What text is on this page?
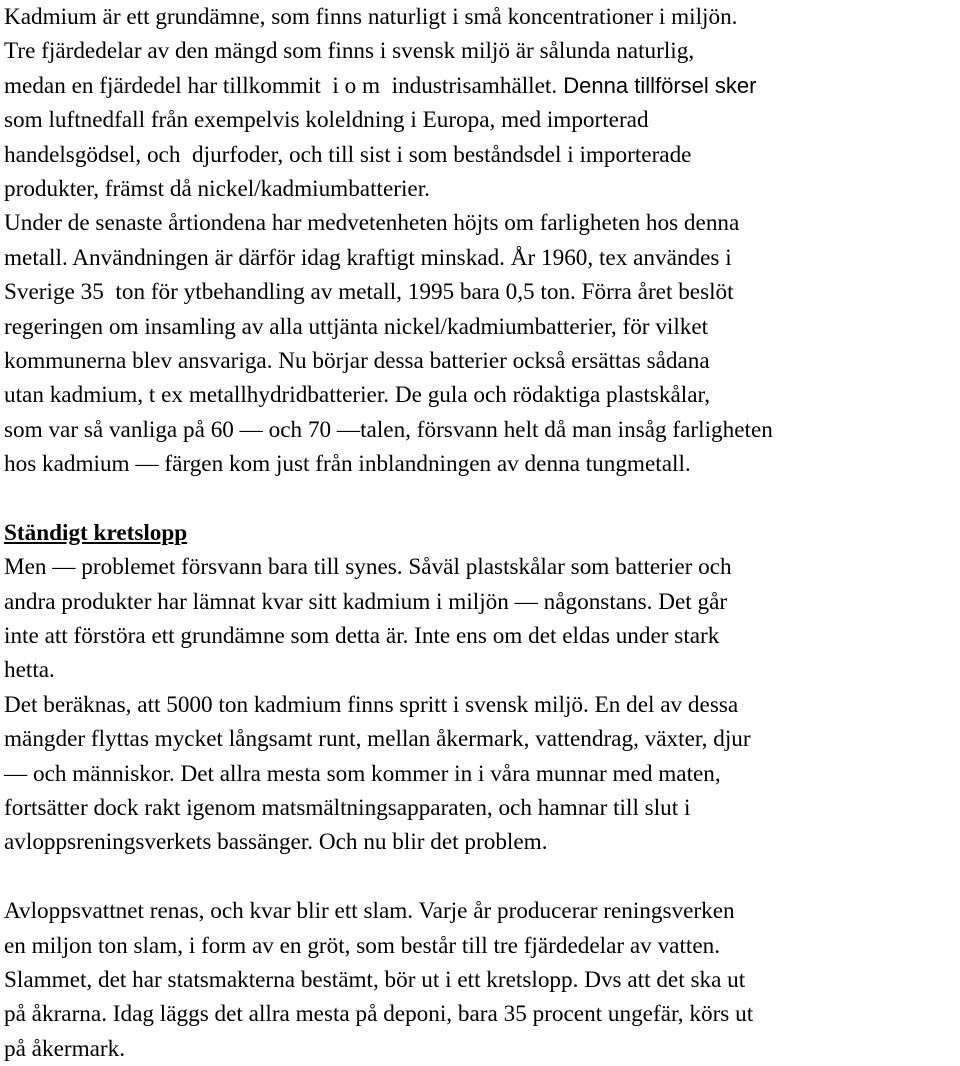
Kadmium är ett grundämne, som finns naturligt i små koncentrationer i miljön.
Tre fjärdedelar av den mängd som finns i svensk miljö är sålunda naturlig,
medan en fjärdedel har tillkommit  i o m  industrisamhället. Denna tillförsel sker
som luftnedfall från exempelvis koleldning i Europa, med importerad
handelsgödsel, och  djurfoder, och till sist i som beståndsdel i importerade
produkter, främst då nickel/kadmiumbatterier.
Under de senaste årtiondena har medvetenheten höjts om farligheten hos denna
metall. Användningen är därför idag kraftigt minskad. År 1960, tex användes i
Sverige 35  ton för ytbehandling av metall, 1995 bara 0,5 ton. Förra året beslöt
regeringen om insamling av alla uttjänta nickel/kadmiumbatterier, för vilket
kommunerna blev ansvariga. Nu börjar dessa batterier också ersättas sådana
utan kadmium, t ex metallhydridbatterier. De gula och rödaktiga plastskålar,
som var så vanliga på 60 — och 70 —talen, försvann helt då man insåg farligheten
hos kadmium — färgen kom just från inblandningen av denna tungmetall.
Ständigt kretslopp
Men — problemet försvann bara till synes. Såväl plastskålar som batterier och
andra produkter har lämnat kvar sitt kadmium i miljön — någonstans. Det går
inte att förstöra ett grundämne som detta är. Inte ens om det eldas under stark
hetta.
Det beräknas, att 5000 ton kadmium finns spritt i svensk miljö. En del av dessa
mängder flyttas mycket långsamt runt, mellan åkermark, vattendrag, växter, djur
— och människor. Det allra mesta som kommer in i våra munnar med maten,
fortsätter dock rakt igenom matsmältningsapparaten, och hamnar till slut i
avloppsreningsverkets bassänger. Och nu blir det problem.
Avloppsvattnet renas, och kvar blir ett slam. Varje år producerar reningsverken
en miljon ton slam, i form av en gröt, som består till tre fjärdedelar av vatten.
Slammet, det har statsmakterna bestämt, bör ut i ett kretslopp. Dvs att det ska ut
på åkrarna. Idag läggs det allra mesta på deponi, bara 35 procent ungefär, körs ut
på åkermark.
